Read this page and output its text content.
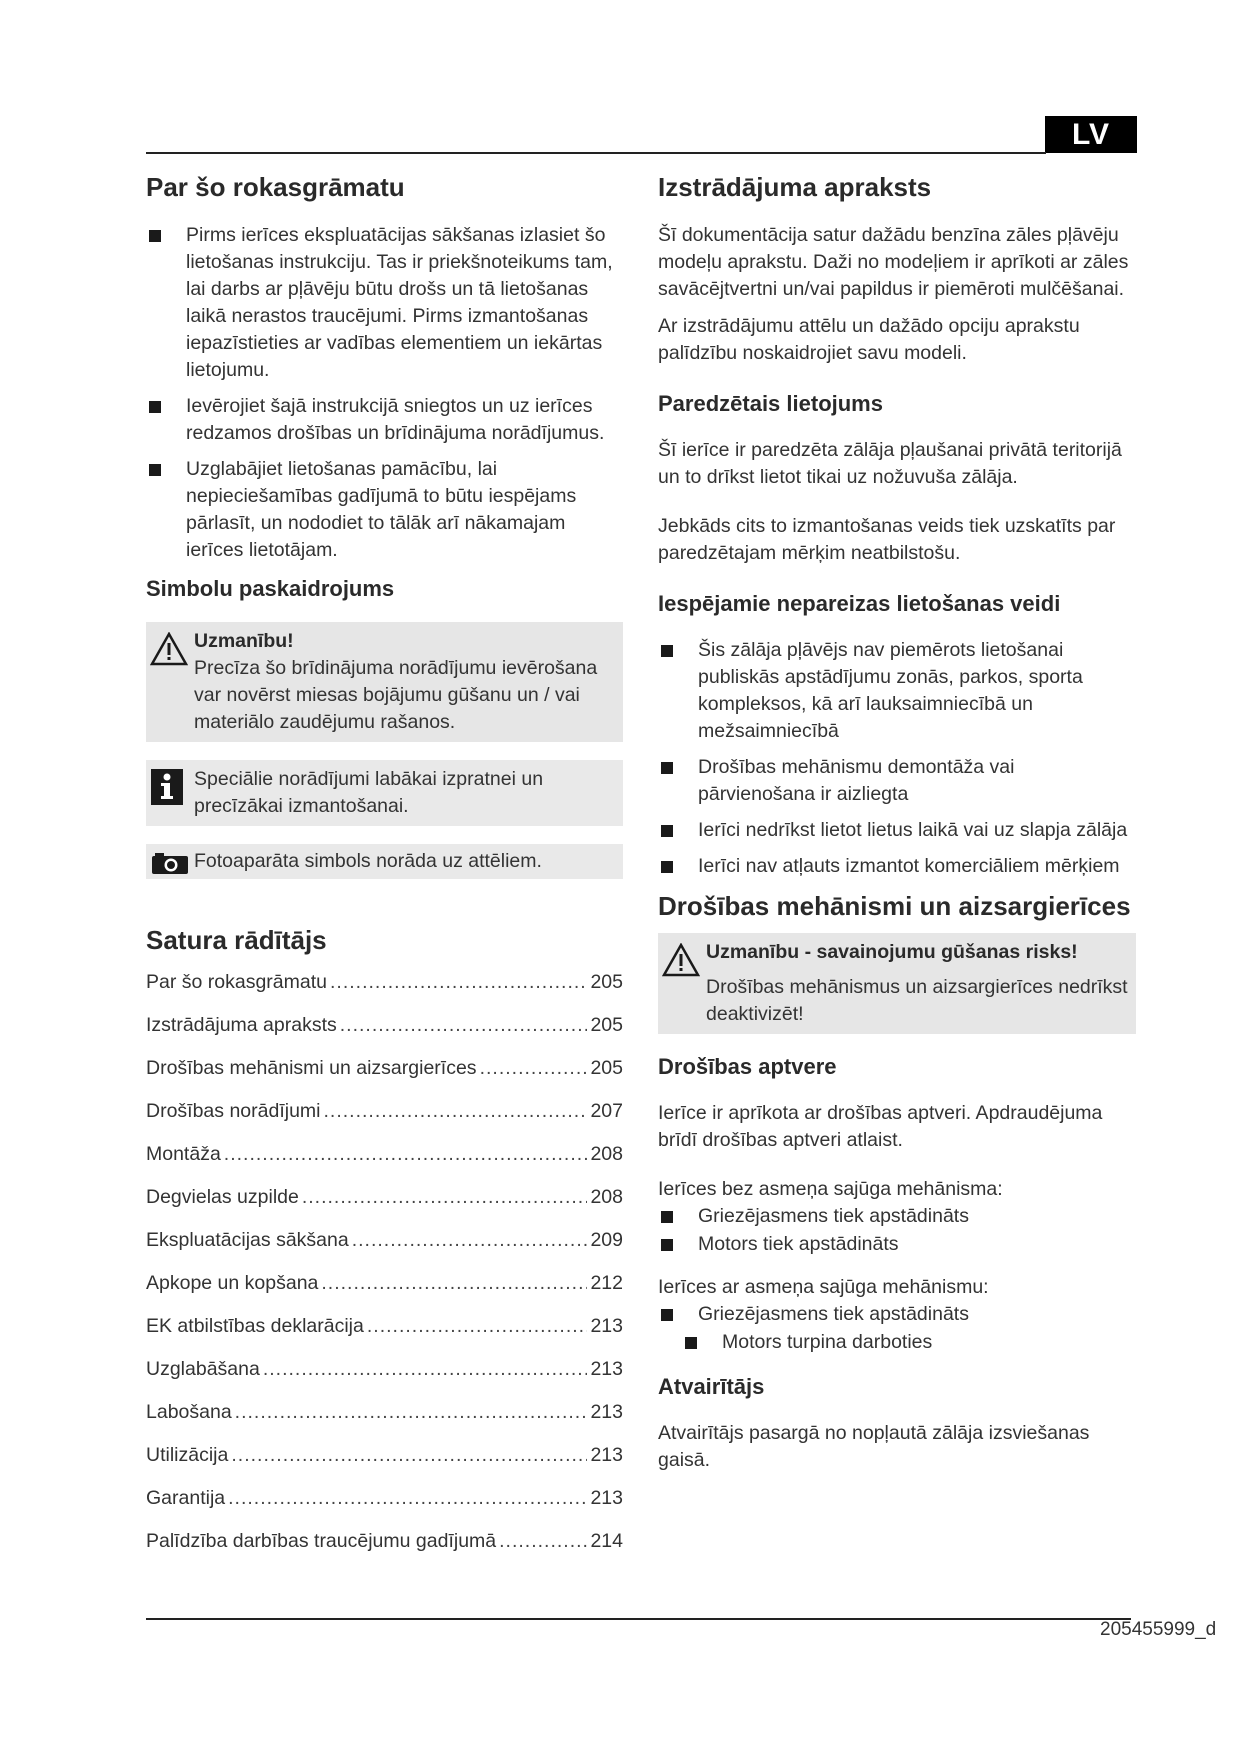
LV
Par šo rokasgrāmatu
Pirms ierīces ekspluatācijas sākšanas izlasiet šo lietošanas instrukciju. Tas ir priekšnoteikums tam, lai darbs ar pļāvēju būtu drošs un tā lietošanas laikā nerastos traucējumi. Pirms izmantošanas iepazīstieties ar vadības elementiem un iekārtas lietojumu.
Ievērojiet šajā instrukcijā sniegtos un uz ierīces redzamos drošības un brīdinājuma norādījumus.
Uzglabājiet lietošanas pamācību, lai nepieciešamības gadījumā to būtu iespējams pārlasīt, un nododiet to tālāk arī nākamajam ierīces lietotājam.
Simbolu paskaidrojums
Uzmanību!
Precīza šo brīdinājuma norādījumu ievērošana var novērst miesas bojājumu gūšanu un / vai materiālo zaudējumu rašanos.
Speciālie norādījumi labākai izpratnei un precīzākai izmantošanai.
Fotoaparāta simbols norāda uz attēliem.
Satura rādītājs
Par šo rokasgrāmatu .....	205
Izstrādājuma apraksts .....	205
Drošības mehānismi un aizsargierīces .....	205
Drošības norādījumi .....	207
Montāža .....	208
Degvielas uzpilde .....	208
Ekspluatācijas sākšana .....	209
Apkope un kopšana .....	212
EK atbilstības deklarācija .....	213
Uzglabāšana .....	213
Labošana .....	213
Utilizācija .....	213
Garantija .....	213
Palīdzība darbības traucējumu gadījumā .....	214
Izstrādājuma apraksts
Šī dokumentācija satur dažādu benzīna zāles pļāvēju modeļu aprakstu. Daži no modeļiem ir aprīkoti ar zāles savācējtvertni un/vai papildus ir piemēroti mulčēšanai.
Ar izstrādājumu attēlu un dažādo opciju aprakstu palīdzību noskaidrojiet savu modeli.
Paredzētais lietojums
Šī ierīce ir paredzēta zālāja pļaušanai privātā teritorijā un to drīkst lietot tikai uz nožuvuša zālāja.
Jebkāds cits to izmantošanas veids tiek uzskatīts par paredzētajam mērķim neatbilstošu.
Iespējamie nepareizas lietošanas veidi
Šis zālāja pļāvējs nav piemērots lietošanai publiskās apstādījumu zonās, parkos, sporta kompleksos, kā arī lauksaimniecībā un mežsaimniecībā
Drošības mehānismu demontāža vai pārvienošana ir aizliegta
Ierīci nedrīkst lietot lietus laikā vai uz slapja zālāja
Ierīci nav atļauts izmantot komerciāliem mērķiem
Drošības mehānismi un aizsargierīces
Uzmanību - savainojumu gūšanas risks!
Drošības mehānismus un aizsargierīces nedrīkst deaktivizēt!
Drošības aptvere
Ierīce ir aprīkota ar drošības aptveri. Apdraudējuma brīdī drošības aptveri atlaist.
Ierīces bez asmeņa sajūga mehānisma:
Griezējasmens tiek apstādināts
Motors tiek apstādināts
Ierīces ar asmeņa sajūga mehānismu:
Griezējasmens tiek apstādināts
Motors turpina darboties
Atvairītājs
Atvairītājs pasargā no nopļautā zālāja izsviešanas gaisā.
205455999_d
